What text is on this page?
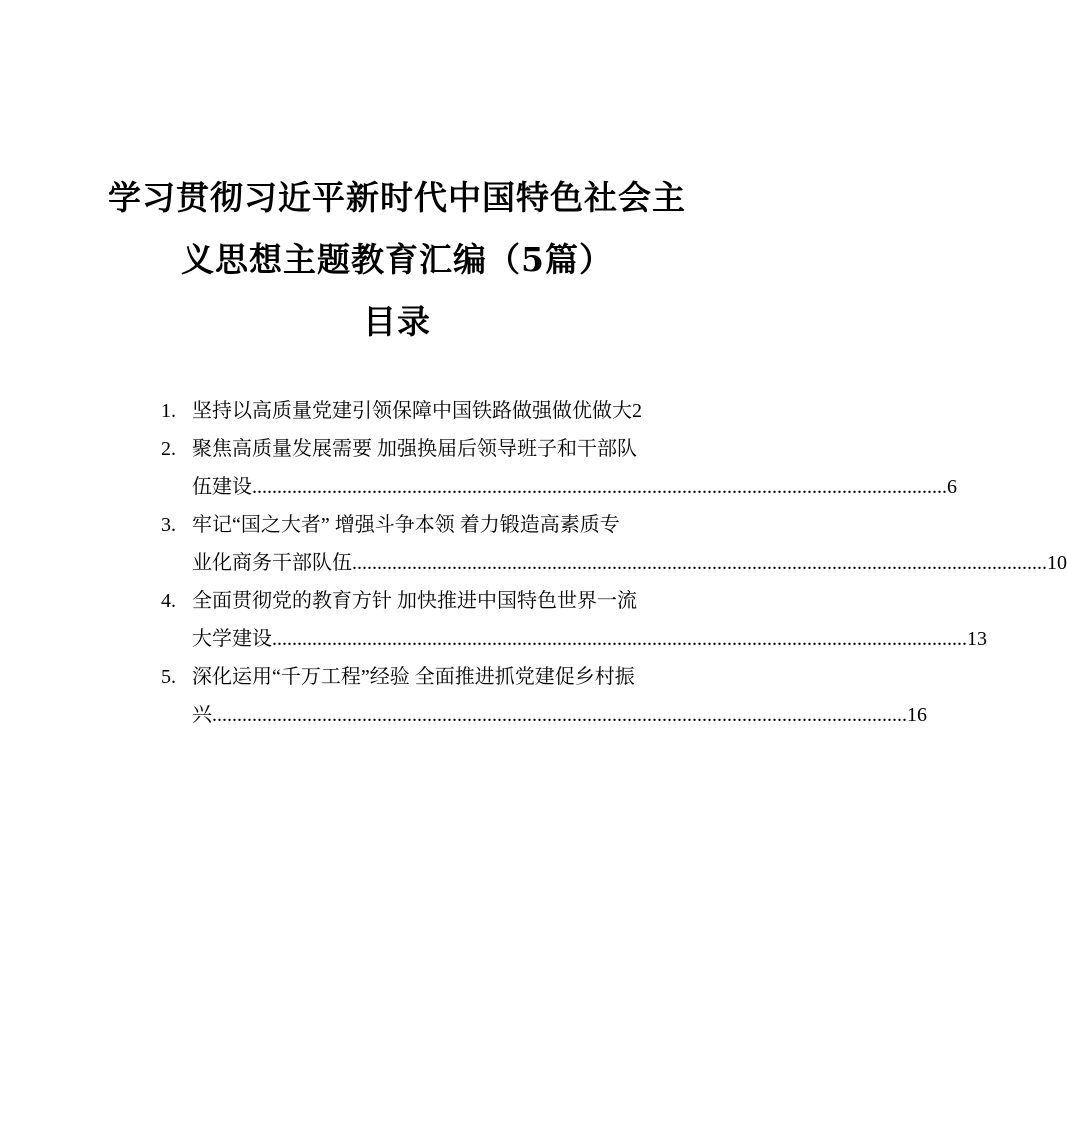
学习贯彻习近平新时代中国特色社会主
义思想主题教育汇编（5篇）
目录
1. 坚持以高质量党建引领保障中国铁路做强做优做大 2
2. 聚焦高质量发展需要 加强换届后领导班子和干部队
伍建设 ........................................................................................................................................... 6
3. 牢记“国之大者” 增强斗争本领 着力锻造高素质专
业化商务干部队伍 ........................................................................................................................................... 10
4. 全面贯彻党的教育方针 加快推进中国特色世界一流
大学建设 ........................................................................................................................................... 13
5. 深化运用“千万工程”经验 全面推进抓党建促乡村振
兴 ........................................................................................................................................... 16
